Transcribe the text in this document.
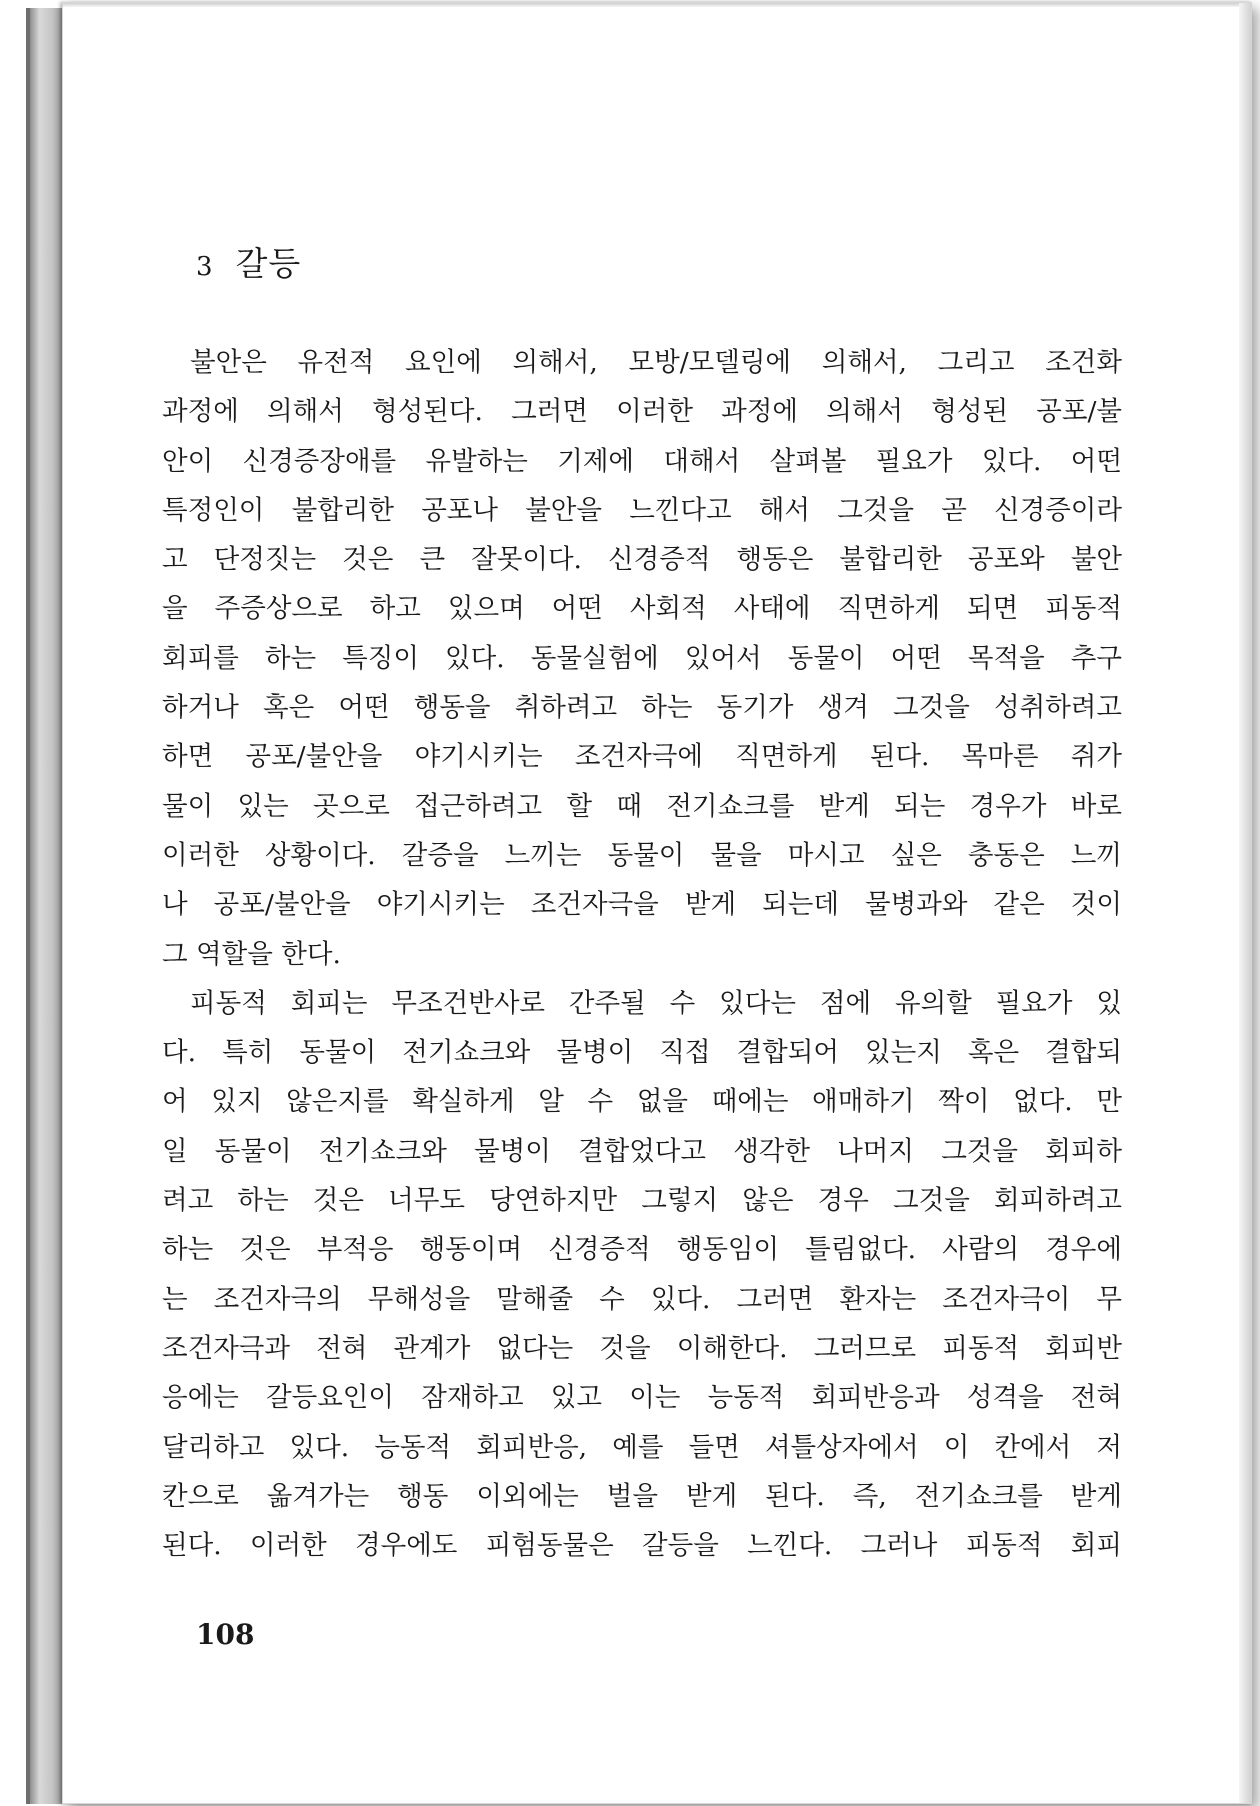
3 갈등
불안은 유전적 요인에 의해서, 모방/모델링에 의해서, 그리고 조건화
과정에 의해서 형성된다. 그러면 이러한 과정에 의해서 형성된 공포/불
안이 신경증장애를 유발하는 기제에 대해서 살펴볼 필요가 있다. 어떤
특정인이 불합리한 공포나 불안을 느낀다고 해서 그것을 곧 신경증이라
고 단정짓는 것은 큰 잘못이다. 신경증적 행동은 불합리한 공포와 불안
을 주증상으로 하고 있으며 어떤 사회적 사태에 직면하게 되면 피동적
회피를 하는 특징이 있다. 동물실험에 있어서 동물이 어떤 목적을 추구
하거나 혹은 어떤 행동을 취하려고 하는 동기가 생겨 그것을 성취하려고
하면 공포/불안을 야기시키는 조건자극에 직면하게 된다. 목마른 쥐가
물이 있는 곳으로 접근하려고 할 때 전기쇼크를 받게 되는 경우가 바로
이러한 상황이다. 갈증을 느끼는 동물이 물을 마시고 싶은 충동은 느끼
나 공포/불안을 야기시키는 조건자극을 받게 되는데 물병과와 같은 것이
그 역할을 한다.
피동적 회피는 무조건반사로 간주될 수 있다는 점에 유의할 필요가 있
다. 특히 동물이 전기쇼크와 물병이 직접 결합되어 있는지 혹은 결합되
어 있지 않은지를 확실하게 알 수 없을 때에는 애매하기 짝이 없다. 만
일 동물이 전기쇼크와 물병이 결합었다고 생각한 나머지 그것을 회피하
려고 하는 것은 너무도 당연하지만 그렇지 않은 경우 그것을 회피하려고
하는 것은 부적응 행동이며 신경증적 행동임이 틀림없다. 사람의 경우에
는 조건자극의 무해성을 말해줄 수 있다. 그러면 환자는 조건자극이 무
조건자극과 전혀 관계가 없다는 것을 이해한다. 그러므로 피동적 회피반
응에는 갈등요인이 잠재하고 있고 이는 능동적 회피반응과 성격을 전혀
달리하고 있다. 능동적 회피반응, 예를 들면 셔틀상자에서 이 칸에서 저
칸으로 옮겨가는 행동 이외에는 벌을 받게 된다. 즉, 전기쇼크를 받게
된다. 이러한 경우에도 피험동물은 갈등을 느낀다. 그러나 피동적 회피
108
